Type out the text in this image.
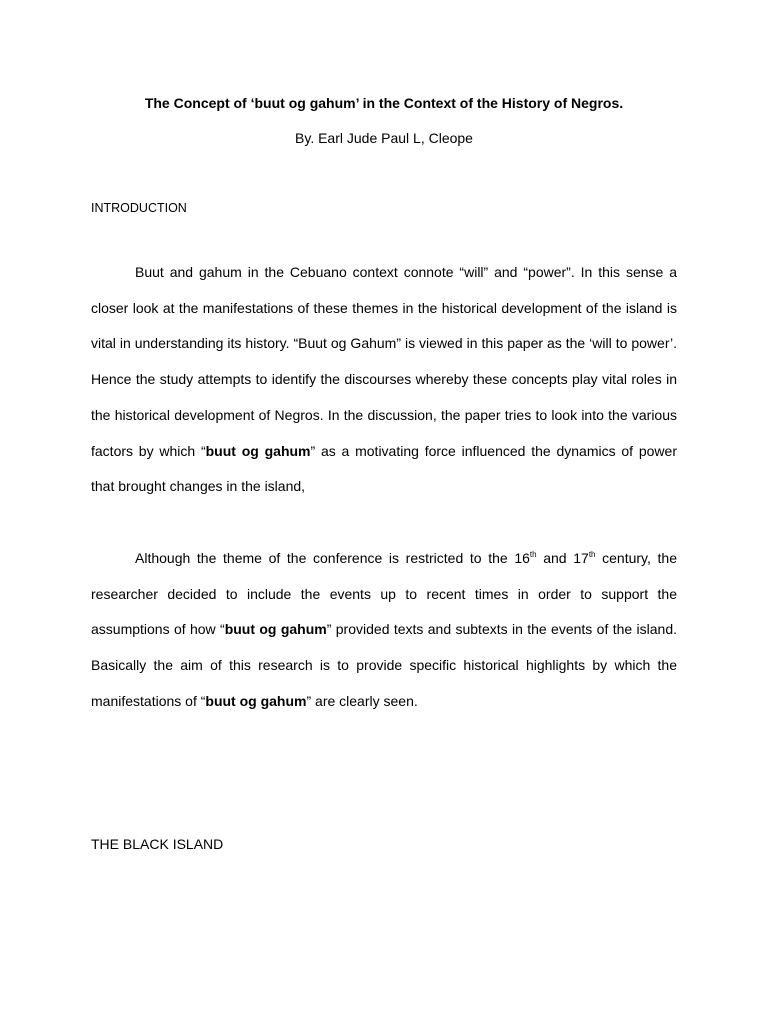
The Concept of ‘buut og gahum’ in the Context of the History of Negros.
By. Earl Jude Paul L, Cleope
INTRODUCTION

Buut and gahum in the Cebuano context connote “will” and “power”. In this sense a closer look at the manifestations of these themes in the historical development of the island is vital in understanding its history. “Buut og Gahum” is viewed in this paper as the ‘will to power’. Hence the study attempts to identify the discourses whereby these concepts play vital roles in the historical development of Negros. In the discussion, the paper tries to look into the various factors by which “buut og gahum” as a motivating force influenced the dynamics of power that brought changes in the island,

Although the theme of the conference is restricted to the 16th and 17th century, the researcher decided to include the events up to recent times in order to support the assumptions of how “buut og gahum” provided texts and subtexts in the events of the island. Basically the aim of this research is to provide specific historical highlights by which the manifestations of “buut og gahum” are clearly seen.

THE BLACK ISLAND
